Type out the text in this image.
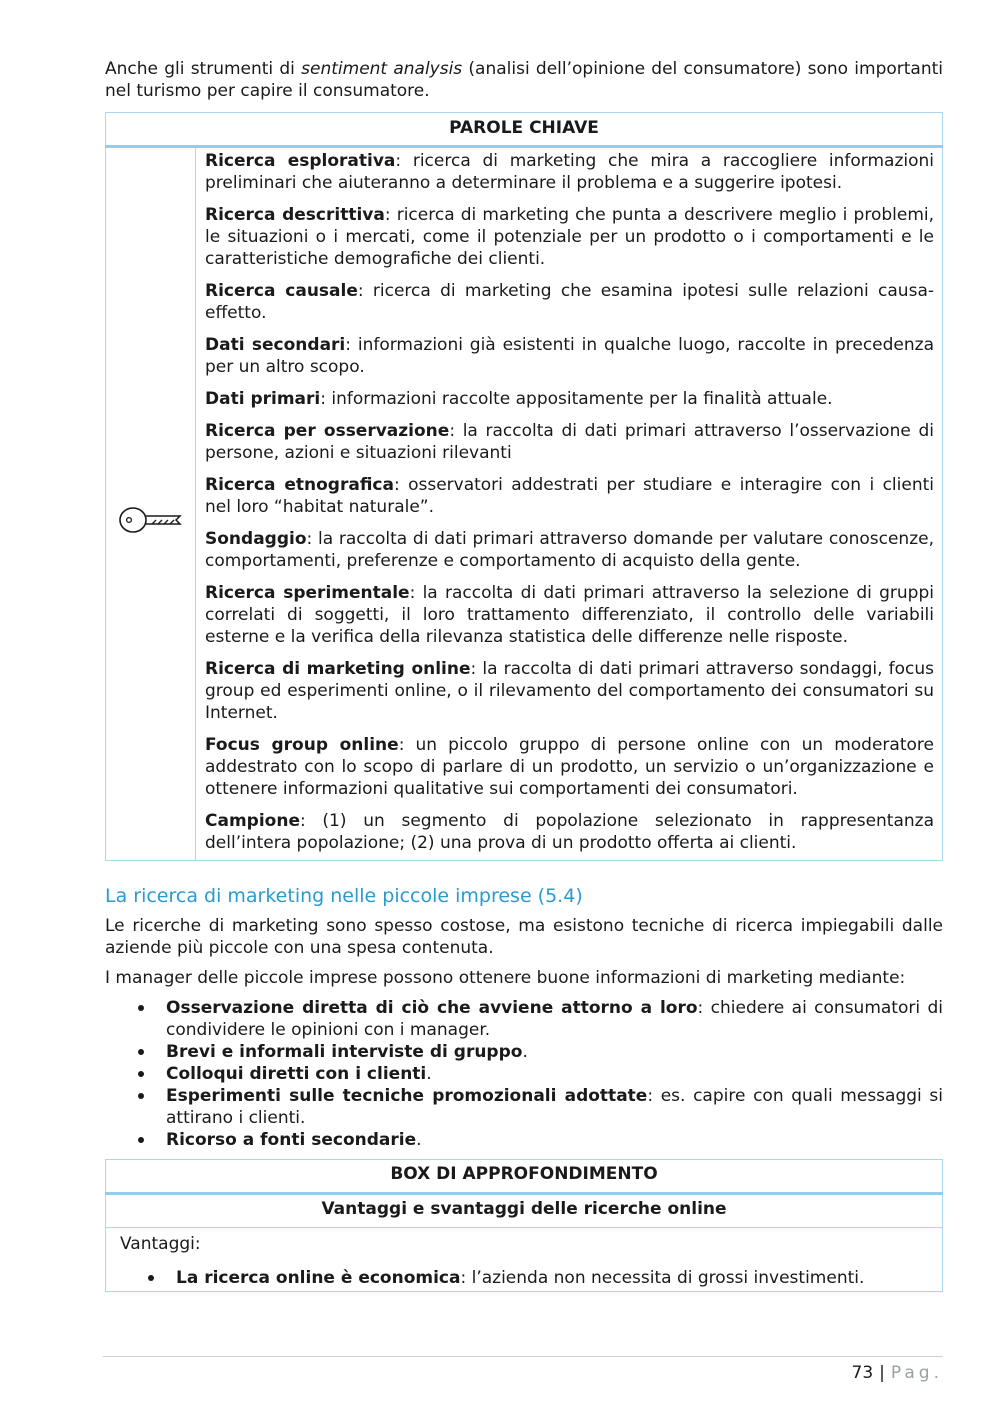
Anche gli strumenti di sentiment analysis (analisi dell’opinione del consumatore) sono importanti nel turismo per capire il consumatore.

PAROLE CHIAVE

Ricerca esplorativa: ricerca di marketing che mira a raccogliere informazioni preliminari che aiuteranno a determinare il problema e a suggerire ipotesi.

Ricerca descrittiva: ricerca di marketing che punta a descrivere meglio i problemi, le situazioni o i mercati, come il potenziale per un prodotto o i comportamenti e le caratteristiche demografiche dei clienti.

Ricerca causale: ricerca di marketing che esamina ipotesi sulle relazioni causa-effetto.

Dati secondari: informazioni già esistenti in qualche luogo, raccolte in precedenza per un altro scopo.

Dati primari: informazioni raccolte appositamente per la finalità attuale.

Ricerca per osservazione: la raccolta di dati primari attraverso l’osservazione di persone, azioni e situazioni rilevanti

Ricerca etnografica: osservatori addestrati per studiare e interagire con i clienti nel loro “habitat naturale”.

Sondaggio: la raccolta di dati primari attraverso domande per valutare conoscenze, comportamenti, preferenze e comportamento di acquisto della gente.

Ricerca sperimentale: la raccolta di dati primari attraverso la selezione di gruppi correlati di soggetti, il loro trattamento differenziato, il controllo delle variabili esterne e la verifica della rilevanza statistica delle differenze nelle risposte.

Ricerca di marketing online: la raccolta di dati primari attraverso sondaggi, focus group ed esperimenti online, o il rilevamento del comportamento dei consumatori su Internet.

Focus group online: un piccolo gruppo di persone online con un moderatore addestrato con lo scopo di parlare di un prodotto, un servizio o un’organizzazione e ottenere informazioni qualitative sui comportamenti dei consumatori.

Campione: (1) un segmento di popolazione selezionato in rappresentanza dell’intera popolazione; (2) una prova di un prodotto offerta ai clienti.

La ricerca di marketing nelle piccole imprese (5.4)

Le ricerche di marketing sono spesso costose, ma esistono tecniche di ricerca impiegabili dalle aziende più piccole con una spesa contenuta.

I manager delle piccole imprese possono ottenere buone informazioni di marketing mediante:

Osservazione diretta di ciò che avviene attorno a loro: chiedere ai consumatori di condividere le opinioni con i manager.
Brevi e informali interviste di gruppo.
Colloqui diretti con i clienti.
Esperimenti sulle tecniche promozionali adottate: es. capire con quali messaggi si attirano i clienti.
Ricorso a fonti secondarie.
BOX DI APPROFONDIMENTO
Vantaggi e svantaggi delle ricerche online

Vantaggi:

La ricerca online è economica: l’azienda non necessita di grossi investimenti.
73 | Pag.
